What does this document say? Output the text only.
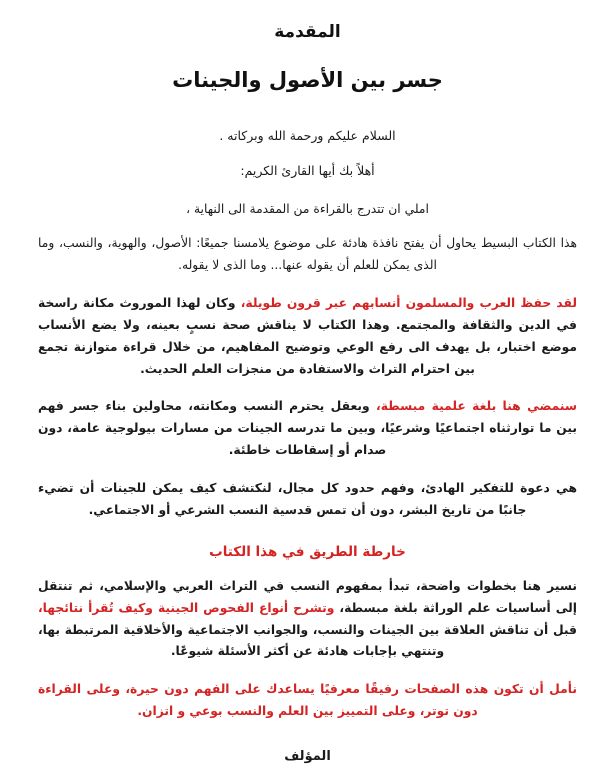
المقدمة
جسر بين الأصول والجينات

السلام عليكم ورحمة الله وبركاته .

أهلاً بك أيها القارئ الكريم:

املي ان تتدرج بالقراءة من المقدمة الى النهاية ،

هذا الكتاب البسيط يحاول أن يفتح نافذة هادئة على موضوع يلامسنا جميعًا: الأصول، والهوية، والنسب، وما الذى يمكن للعلم أن يقوله عنها... وما الذى لا يقوله.

لقد حفظ العرب والمسلمون أنسابهم عبر قرون طويلة، وكان لهذا الموروث مكانة راسخة في الدين والثقافة والمجتمع. وهذا الكتاب لا يناقش صحة نسبٍ بعينه، ولا يضع الأنساب موضع اختبار، بل يهدف الى رفع الوعي وتوضيح المفاهيم، من خلال قراءة متوازنة تجمع بين احترام التراث والاستفادة من منجزات العلم الحديث.

سنمضي هنا بلغة علمية مبسطة، وبعقل يحترم النسب ومكانته، محاولين بناء جسر فهم بين ما توارثناه اجتماعيًا وشرعيًا، وبين ما تدرسه الجينات من مسارات بيولوجية عامة، دون صدام أو إسقاطات خاطئة.

هي دعوة للتفكير الهادئ، وفهم حدود كل مجال، لنكتشف كيف يمكن للجينات أن تضيء جانبًا من تاريخ البشر، دون أن تمس قدسية النسب الشرعي أو الاجتماعي.

خارطة الطريق في هذا الكتاب

نسير هنا بخطوات واضحة، تبدأ بمفهوم النسب في التراث العربي والإسلامي، ثم تنتقل إلى أساسيات علم الوراثة بلغة مبسطة، وتشرح أنواع الفحوص الجينية وكيف تُقرأ نتائجها، قبل أن تناقش العلاقة بين الجينات والنسب، والجوانب الاجتماعية والأخلاقية المرتبطة بها، وتنتهي بإجابات هادئة عن أكثر الأسئلة شيوعًا.

نأمل أن تكون هذه الصفحات رفيقًا معرفيًا يساعدك على الفهم دون حيرة، وعلى القراءة دون توتر، وعلى التمييز بين العلم والنسب بوعي و اتزان.

المؤلف
